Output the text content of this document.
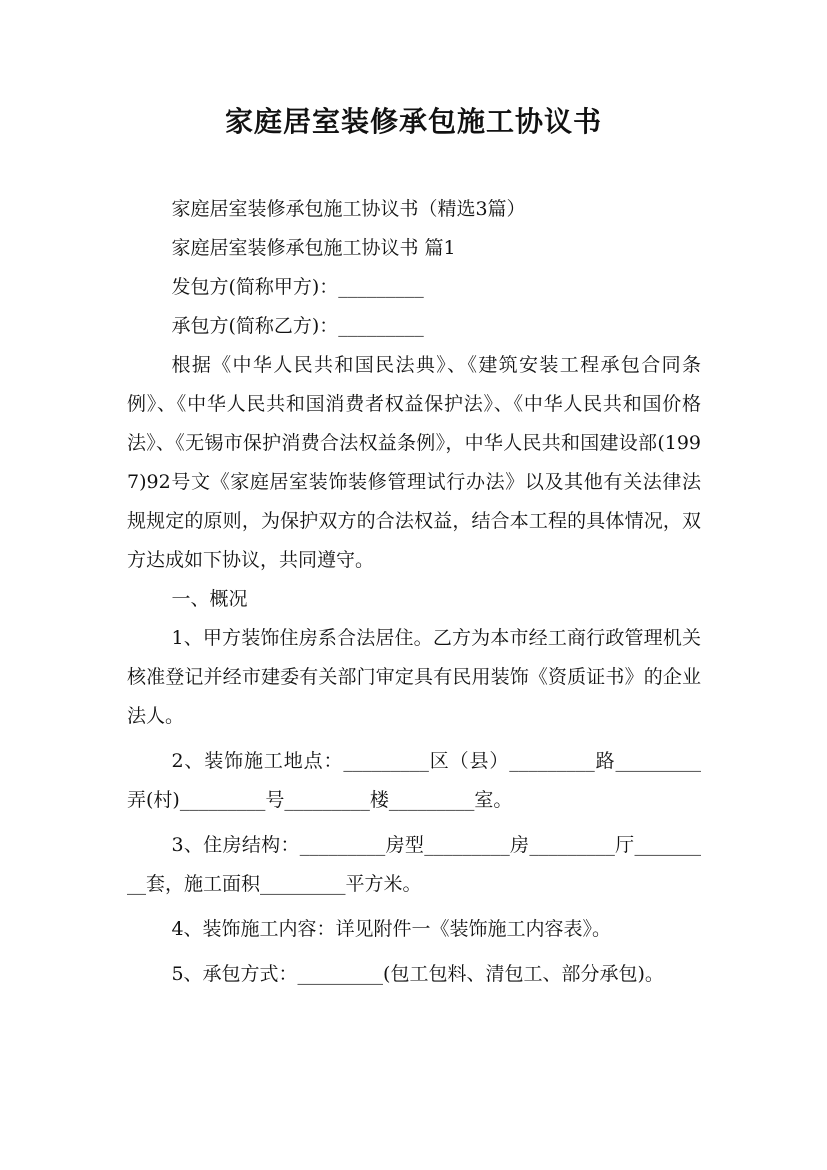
家庭居室装修承包施工协议书

家庭居室装修承包施工协议书（精选3篇）

家庭居室装修承包施工协议书 篇1

发包方(简称甲方)：_________

承包方(简称乙方)：_________

根据《中华人民共和国民法典》、《建筑安装工程承包合同条例》、《中华人民共和国消费者权益保护法》、《中华人民共和国价格法》、《无锡市保护消费合法权益条例》，中华人民共和国建设部(1997)92号文《家庭居室装饰装修管理试行办法》以及其他有关法律法规规定的原则，为保护双方的合法权益，结合本工程的具体情况，双方达成如下协议，共同遵守。

一、概况

1、甲方装饰住房系合法居住。乙方为本市经工商行政管理机关核准登记并经市建委有关部门审定具有民用装饰《资质证书》的企业法人。

2、装饰施工地点：_________区（县）_________路_________弄(村)_________号_________楼_________室。

3、住房结构：_________房型_________房_________厅_________套，施工面积_________平方米。

4、装饰施工内容：详见附件一《装饰施工内容表》。

5、承包方式：_________(包工包料、清包工、部分承包)。
